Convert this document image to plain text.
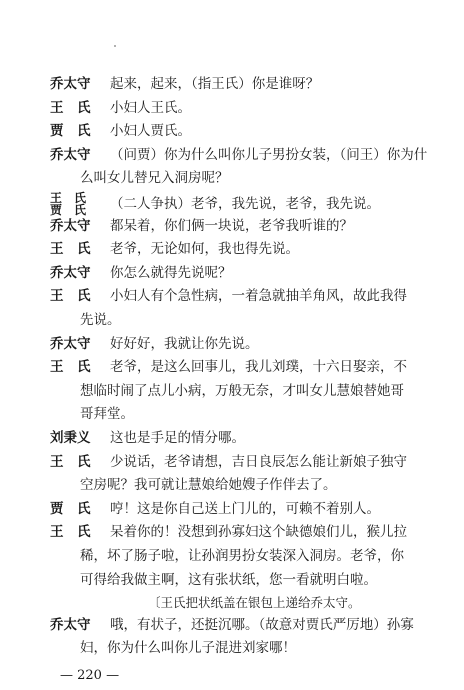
乔太守	起来，起来，（指王氏）你是谁呀？
王　氏	小妇人王氏。
贾　氏	小妇人贾氏。
乔太守	（问贾）你为什么叫你儿子男扮女装，（问王）你为什
么叫女儿替兄入洞房呢？
王　氏
贾　氏 （二人争执）老爷，我先说，老爷，我先说。
乔太守	都呆着，你们俩一块说，老爷我听谁的？
王　氏	老爷，无论如何，我也得先说。
乔太守	你怎么就得先说呢？
王　氏	小妇人有个急性病，一着急就抽羊角风，故此我得
先说。
乔太守	好好好，我就让你先说。
王　氏	老爷，是这么回事儿，我儿刘璞，十六日娶亲，不
想临时闹了点儿小病，万般无奈，才叫女儿慧娘替她哥
哥拜堂。
刘秉义	这也是手足的情分哪。
王　氏	少说话，老爷请想，吉日良辰怎么能让新娘子独守
空房呢？我可就让慧娘给她嫂子作伴去了。
贾　氏	哼！这是你自己送上门儿的，可赖不着别人。
王　氏	呆着你的！没想到孙寡妇这个缺德娘们儿，猴儿拉
稀，坏了肠子啦，让孙润男扮女装深入洞房。老爷，你
可得给我做主啊，这有张状纸，您一看就明白啦。
〔王氏把状纸盖在银包上递给乔太守。
乔太守	哦，有状子，还挺沉哪。（故意对贾氏严厉地）孙寡
妇，你为什么叫你儿子混进刘家哪！
— 220 —
